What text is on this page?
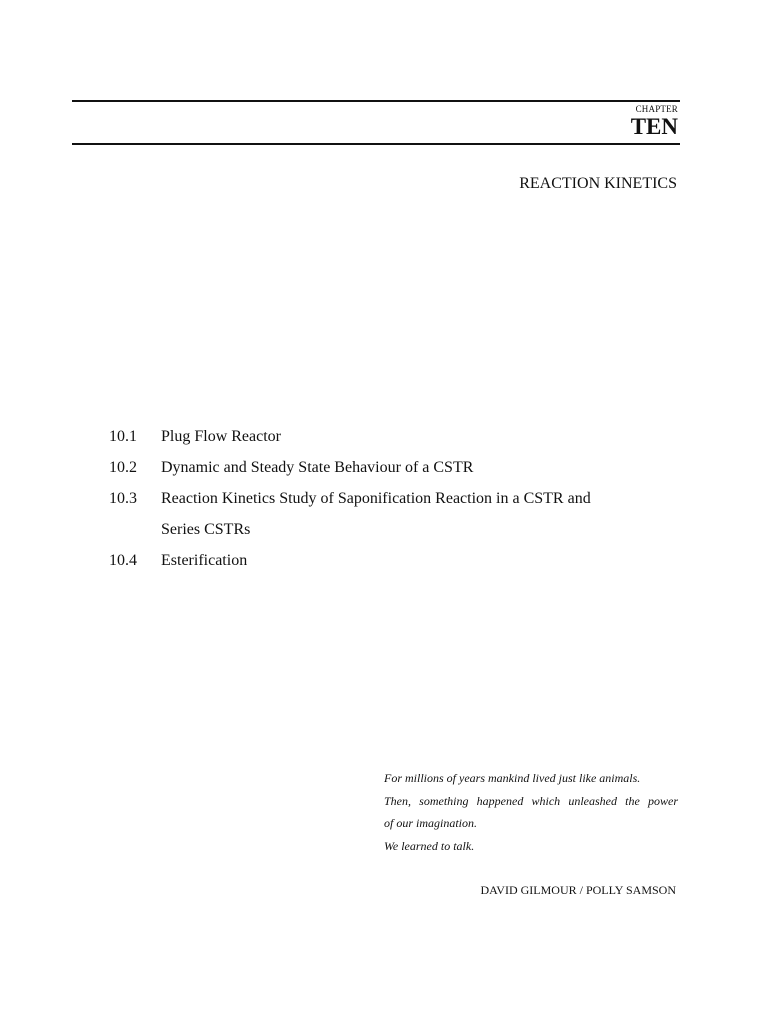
CHAPTER
TEN
REACTION KINETICS
10.1	Plug Flow Reactor
10.2	Dynamic and Steady State Behaviour of a CSTR
10.3	Reaction Kinetics Study of Saponification Reaction in a CSTR and
Series CSTRs
10.4	Esterification
For millions of years mankind lived just like animals.
Then, something happened which unleashed the power
of our imagination.
We learned to talk.
DAVID GILMOUR / POLLY SAMSON
